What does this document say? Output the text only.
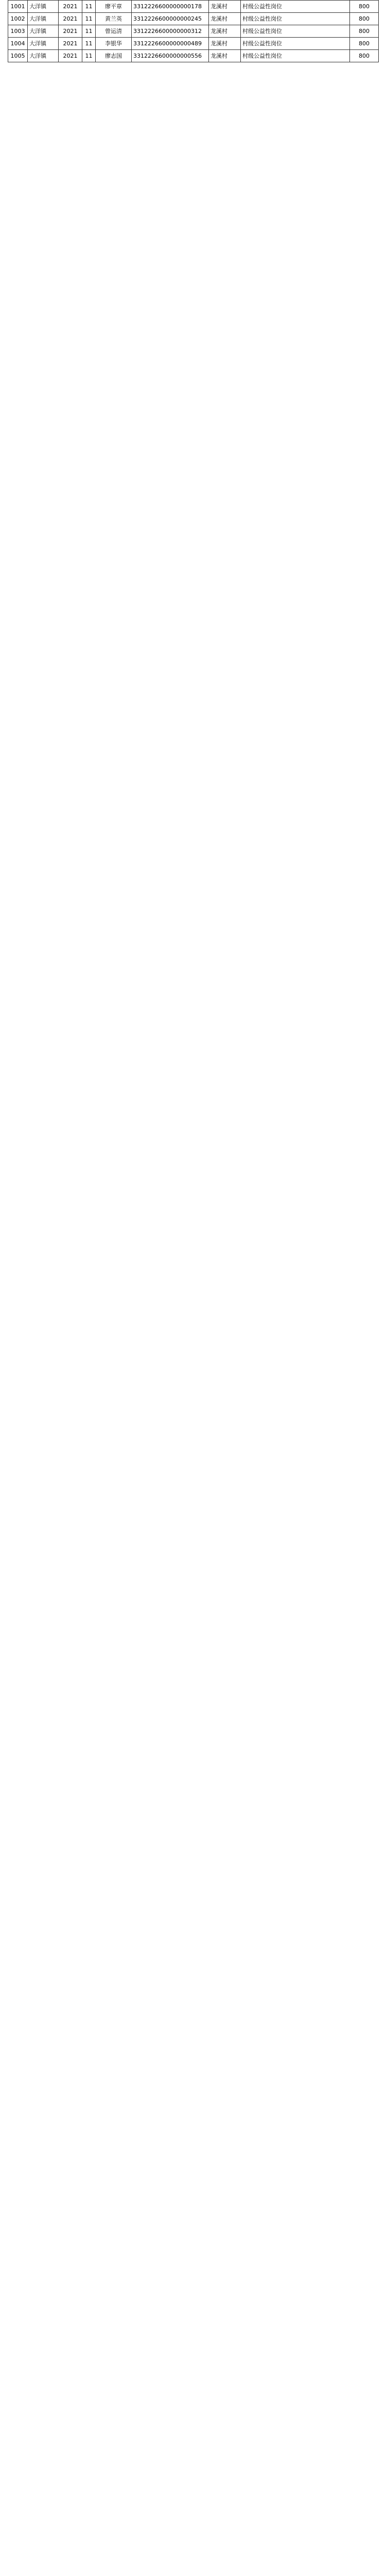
1001	大洋镇	2021	11	廖平章	3312226600000000178	龙溪村	村级公益性岗位	800
1002	大洋镇	2021	11	黄兰英	3312226600000000245	龙溪村	村级公益性岗位	800
1003	大洋镇	2021	11	曾运清	3312226600000000312	龙溪村	村级公益性岗位	800
1004	大洋镇	2021	11	李银华	3312226600000000489	龙溪村	村级公益性岗位	800
1005	大洋镇	2021	11	廖志国	3312226600000000556	龙溪村	村级公益性岗位	800
